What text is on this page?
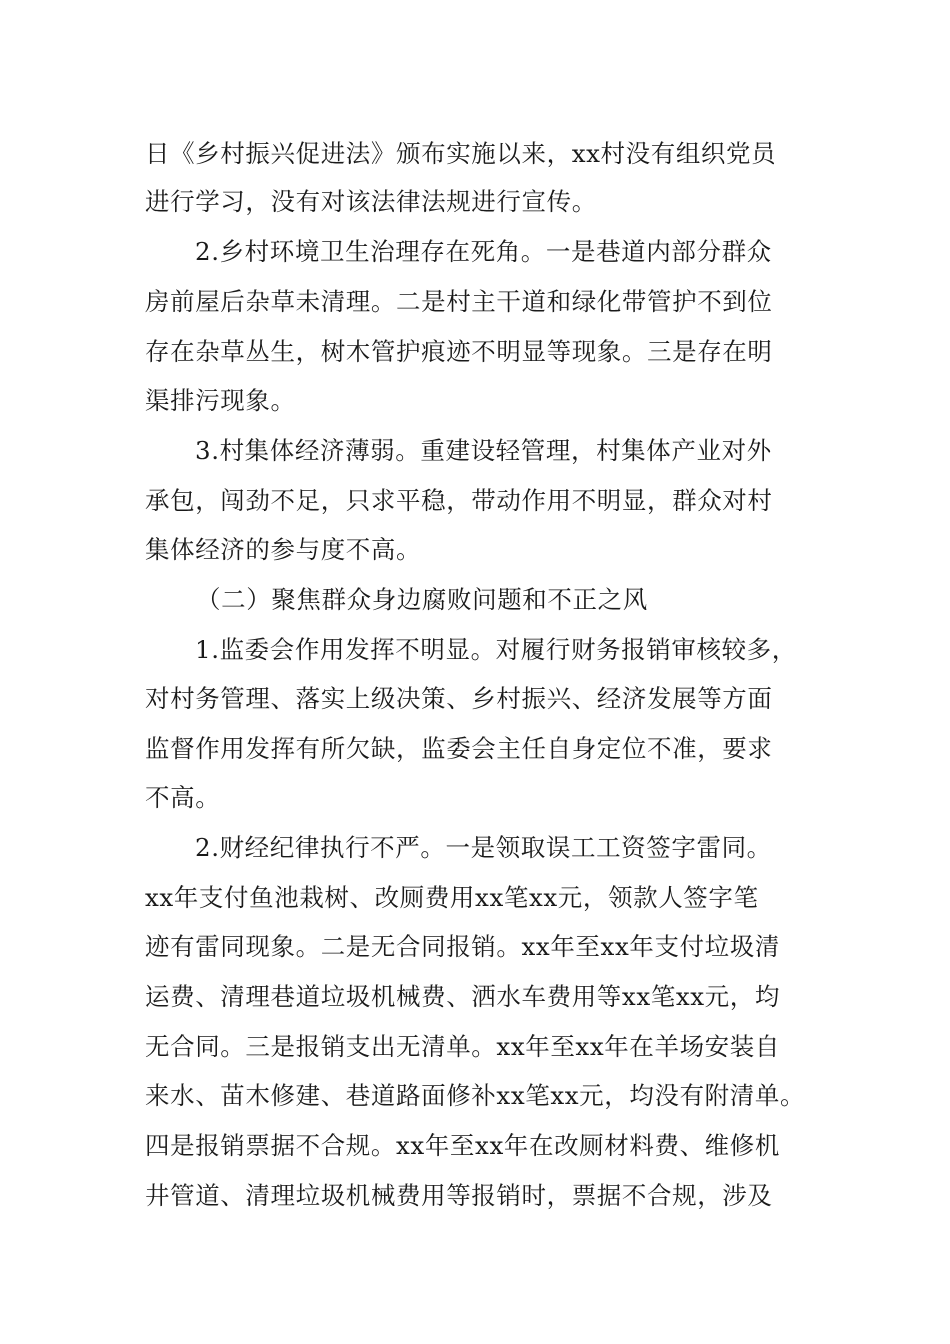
日《乡村振兴促进法》颁布实施以来，xx村没有组织党员
进行学习，没有对该法律法规进行宣传。
2.乡村环境卫生治理存在死角。一是巷道内部分群众
房前屋后杂草未清理。二是村主干道和绿化带管护不到位
存在杂草丛生，树木管护痕迹不明显等现象。三是存在明
渠排污现象。
3.村集体经济薄弱。重建设轻管理，村集体产业对外
承包，闯劲不足，只求平稳，带动作用不明显，群众对村
集体经济的参与度不高。
（二）聚焦群众身边腐败问题和不正之风
1.监委会作用发挥不明显。对履行财务报销审核较多，
对村务管理、落实上级决策、乡村振兴、经济发展等方面
监督作用发挥有所欠缺，监委会主任自身定位不准，要求
不高。
2.财经纪律执行不严。一是领取误工工资签字雷同。
xx年支付鱼池栽树、改厕费用xx笔xx元，领款人签字笔
迹有雷同现象。二是无合同报销。xx年至xx年支付垃圾清
运费、清理巷道垃圾机械费、洒水车费用等xx笔xx元，均
无合同。三是报销支出无清单。xx年至xx年在羊场安装自
来水、苗木修建、巷道路面修补xx笔xx元，均没有附清单。
四是报销票据不合规。xx年至xx年在改厕材料费、维修机
井管道、清理垃圾机械费用等报销时，票据不合规，涉及
